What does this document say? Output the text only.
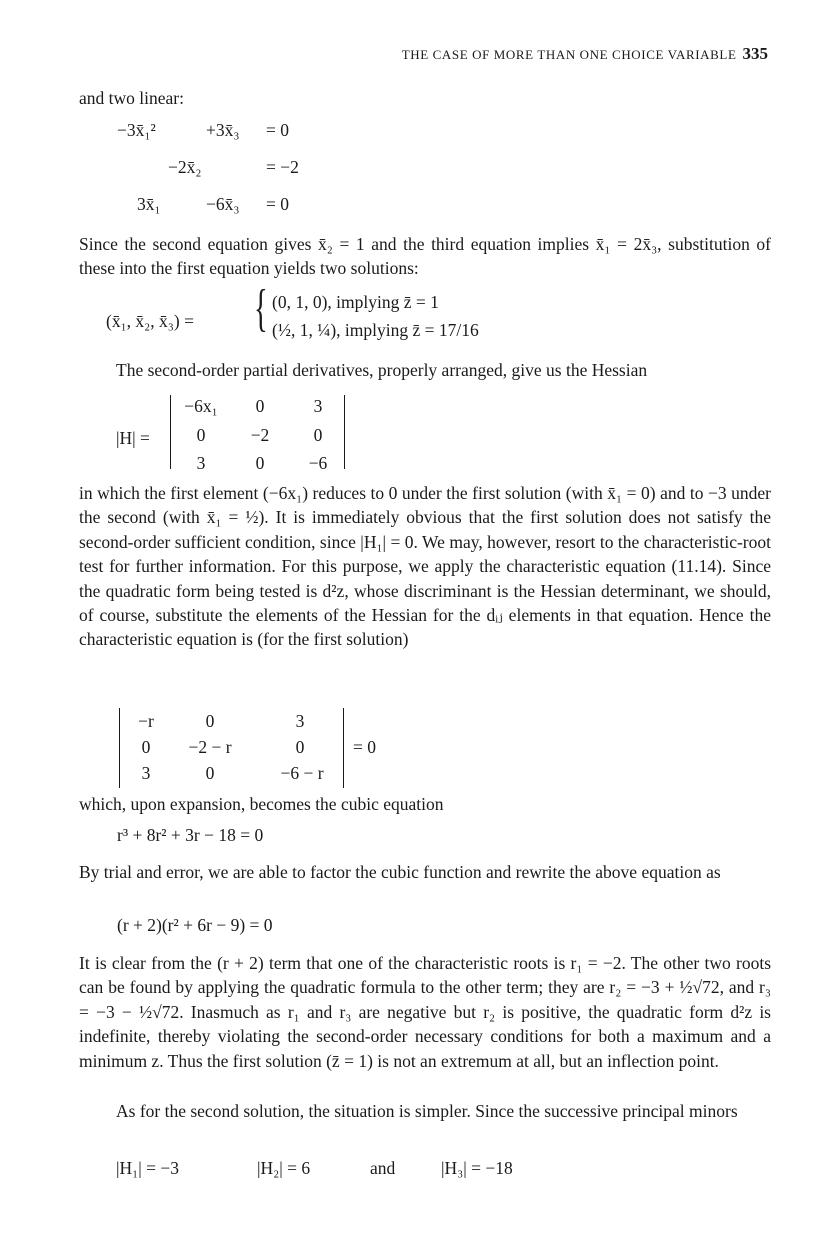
THE CASE OF MORE THAN ONE CHOICE VARIABLE 335
and two linear:
−3x̄₁²	+3x̄₃ = 0
−2x̄₂	= −2
3x̄₁	−6x̄₃ = 0
Since the second equation gives x̄₂ = 1 and the third equation implies x̄₁ = 2x̄₃, substitution of these into the first equation yields two solutions:
(x̄₁, x̄₂, x̄₃) = { (0, 1, 0), implying z̄ = 1
(½, 1, ¼), implying z̄ = 17/16
The second-order partial derivatives, properly arranged, give us the Hessian
|H| =
−6x₁	0	3
0	−2	0
3	0	−6
in which the first element (−6x₁) reduces to 0 under the first solution (with x̄₁ = 0) and to −3 under the second (with x̄₁ = ½). It is immediately obvious that the first solution does not satisfy the second-order sufficient condition, since |H₁| = 0. We may, however, resort to the characteristic-root test for further information. For this purpose, we apply the characteristic equation (11.14). Since the quadratic form being tested is d²z, whose discriminant is the Hessian determinant, we should, of course, substitute the elements of the Hessian for the dᵢⱼ elements in that equation. Hence the characteristic equation is (for the first solution)
−r	0	3
0	−2 − r	0
3	0	−6 − r
= 0
which, upon expansion, becomes the cubic equation
r³ + 8r² + 3r − 18 = 0
By trial and error, we are able to factor the cubic function and rewrite the above equation as
(r + 2)(r² + 6r − 9) = 0
It is clear from the (r + 2) term that one of the characteristic roots is r₁ = −2. The other two roots can be found by applying the quadratic formula to the other term; they are r₂ = −3 + ½√72, and r₃ = −3 − ½√72. Inasmuch as r₁ and r₃ are negative but r₂ is positive, the quadratic form d²z is indefinite, thereby violating the second-order necessary conditions for both a maximum and a minimum z. Thus the first solution (z̄ = 1) is not an extremum at all, but an inflection point.
As for the second solution, the situation is simpler. Since the successive principal minors
|H₁| = −3	|H₂| = 6	and	|H₃| = −18
